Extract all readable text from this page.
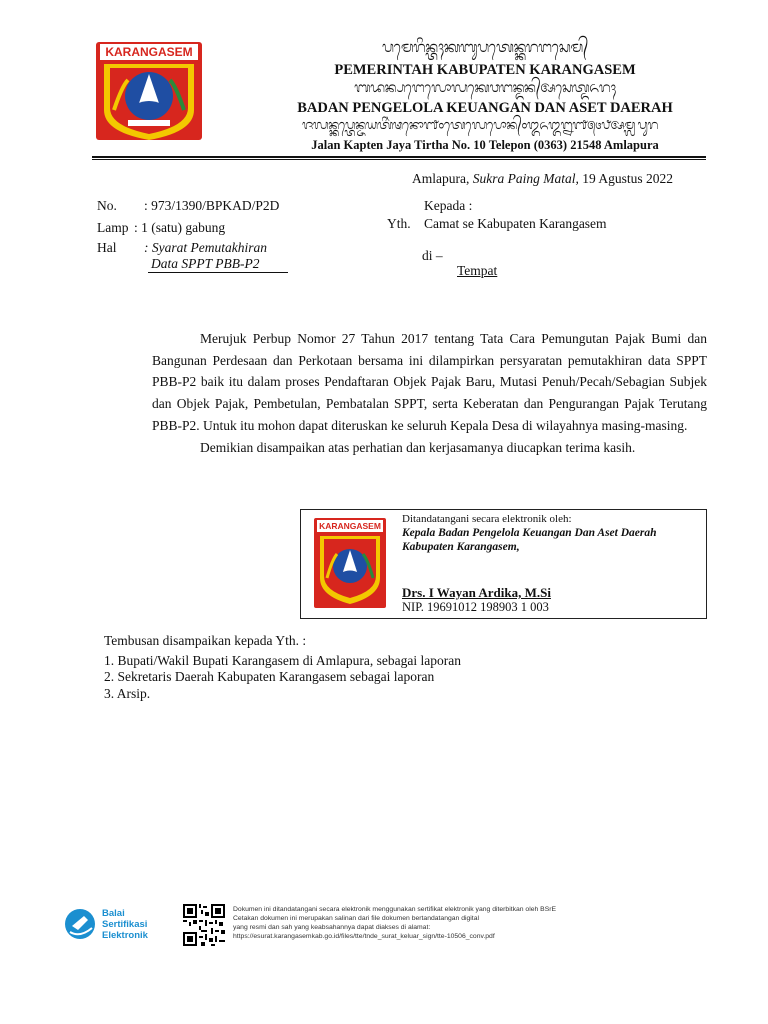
KARANGASEM	ᬧᬫᬾᬭᬶᬦ᭄ᬢᬄᬓᬩᬸᬧᬢᬾᬦ᭄ᬓᬭᬗᬲᬾᬫ᭄
PEMERINTAH KABUPATEN KARANGASEM
ᬩᬤᬦ᭄ᬧᬗᬾᬮᭀᬮᬓᬾᬯᬗᬦ᭄ᬤᬦ᭄ᬅᬲᬾᬢ᭄ᬤᬏᬭᬄ
BADAN PENGELOLA KEUANGAN DAN ASET DAERAH
ᬚᬮᬦ᭄ᬓᬧ᭄ᬢᬾᬦ᭄ᬚᬬᬢᬶᬃᬣᬦᭀ᭑᭐ᬢᬾᬮᬾᬧᭀᬦ᭄᭐᭓᭖᭓᭒᭑᭕᭔᭘ᬅᬫ᭄ᬮᬧᬸᬭ
Jalan Kapten Jaya Tirtha No. 10 Telepon (0363) 21548 Amlapura
Amlapura, Sukra Paing Matal, 19 Agustus 2022
No. : 973/1390/BPKAD/P2D
Lamp : 1 (satu) gabung
Hal : Syarat Pemutakhiran
Data SPPT PBB-P2
Kepada :
Yth. Camat se Kabupaten Karangasem
di –
Tempat

Merujuk Perbup Nomor 27 Tahun 2017 tentang Tata Cara Pemungutan Pajak Bumi dan Bangunan Perdesaan dan Perkotaan bersama ini dilampirkan persyaratan pemutakhiran data SPPT PBB-P2 baik itu dalam proses Pendaftaran Objek Pajak Baru, Mutasi Penuh/Pecah/Sebagian Subjek dan Objek Pajak, Pembetulan, Pembatalan SPPT, serta Keberatan dan Pengurangan Pajak Terutang PBB-P2. Untuk itu mohon dapat diteruskan ke seluruh Kepala Desa di wilayahnya masing-masing.

Demikian disampaikan atas perhatian dan kerjasamanya diucapkan terima kasih.

KARANGASEM
Ditandatangani secara elektronik oleh:
Kepala Badan Pengelola Keuangan Dan Aset Daerah
Kabupaten Karangasem,
Drs. I Wayan Ardika, M.Si
NIP. 19691012 198903 1 003
Tembusan disampaikan kepada Yth. :
1. Bupati/Wakil Bupati Karangasem di Amlapura, sebagai laporan
2. Sekretaris Daerah Kabupaten Karangasem sebagai laporan
3. Arsip.
Balai
Sertifikasi
Elektronik
Dokumen ini ditandatangani secara elektronik menggunakan sertifikat elektronik yang diterbitkan oleh BSrE
Cetakan dokumen ini merupakan salinan dari file dokumen bertandatangan digital
yang resmi dan sah yang keabsahannya dapat diakses di alamat:
https://esurat.karangasemkab.go.id/files/tte/tnde_surat_keluar_sign/tte-10506_conv.pdf
